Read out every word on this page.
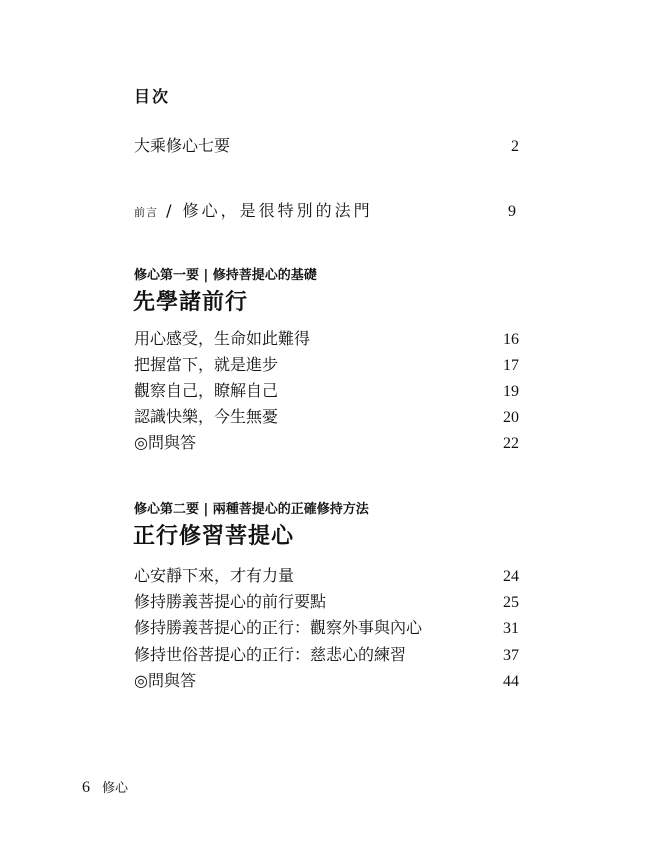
目次
大乘修心七要	2
前言 / 修心，是很特別的法門	9
修心第一要 | 修持菩提心的基礎
先學諸前行
用心感受，生命如此難得	16
把握當下，就是進步	17
觀察自己，瞭解自己	19
認識快樂，今生無憂	20
◎問與答	22
修心第二要 | 兩種菩提心的正確修持方法
正行修習菩提心
心安靜下來，才有力量	24
修持勝義菩提心的前行要點	25
修持勝義菩提心的正行：觀察外事與內心	31
修持世俗菩提心的正行：慈悲心的練習	37
◎問與答	44
6 修心
